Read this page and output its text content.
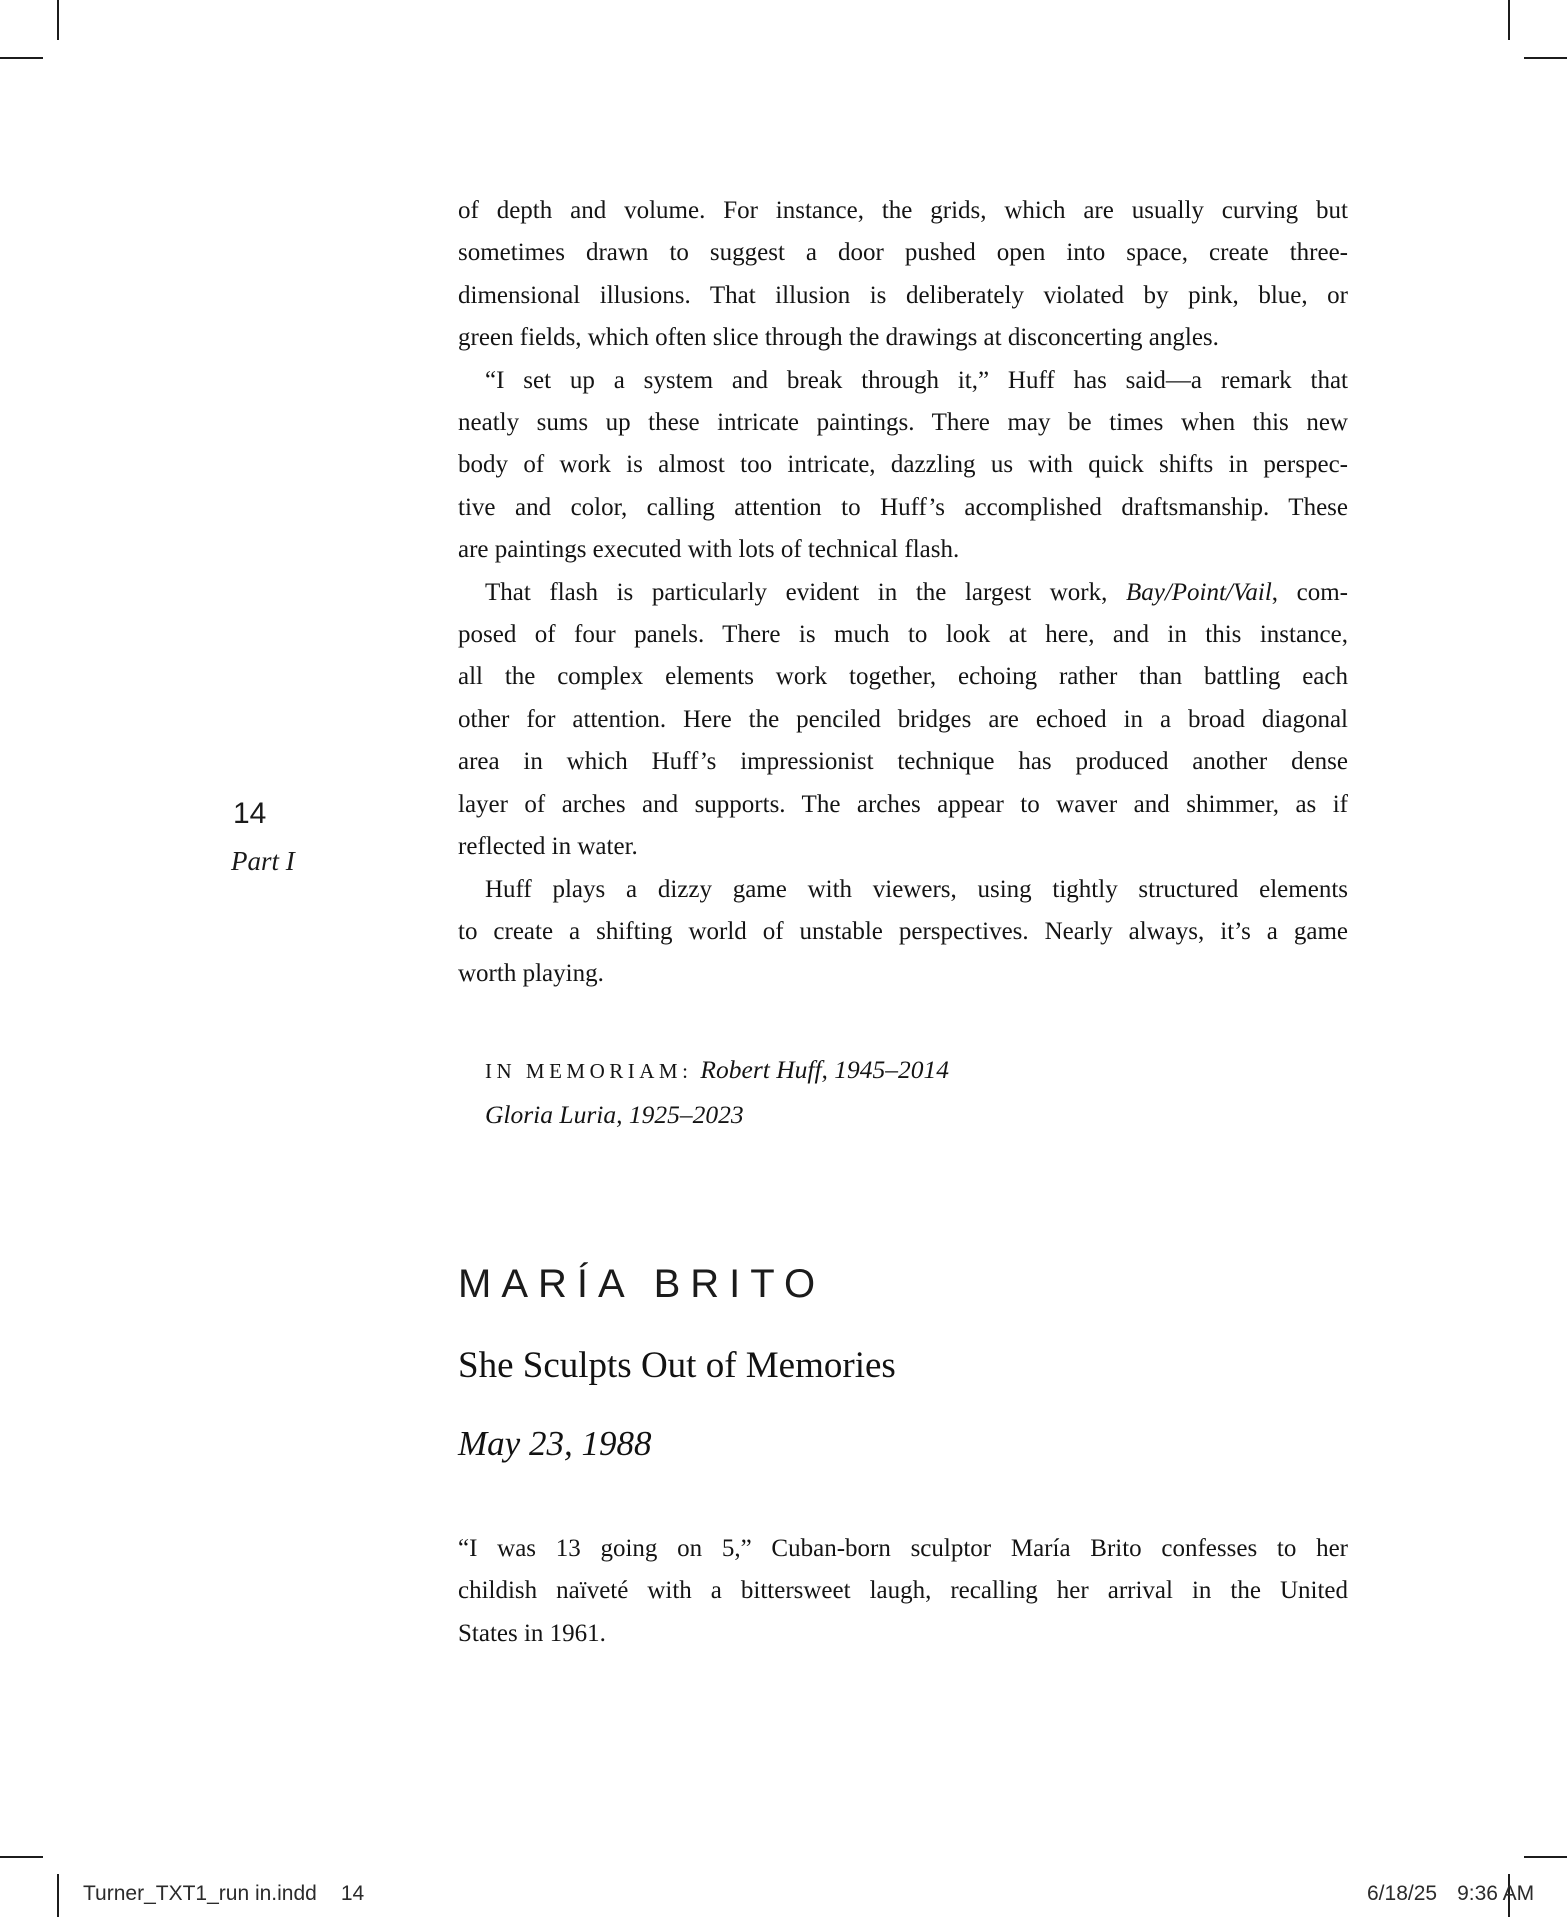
14
Part I
of depth and volume. For instance, the grids, which are usually curving but
sometimes drawn to suggest a door pushed open into space, create three-
dimensional illusions. That illusion is deliberately violated by pink, blue, or
green fields, which often slice through the drawings at disconcerting angles.
“I set up a system and break through it,” Huff has said—a remark that
neatly sums up these intricate paintings. There may be times when this new
body of work is almost too intricate, dazzling us with quick shifts in perspec-
tive and color, calling attention to Huff’s accomplished draftsmanship. These
are paintings executed with lots of technical flash.
That flash is particularly evident in the largest work, Bay/Point/Vail, com-
posed of four panels. There is much to look at here, and in this instance,
all the complex elements work together, echoing rather than battling each
other for attention. Here the penciled bridges are echoed in a broad diagonal
area in which Huff’s impressionist technique has produced another dense
layer of arches and supports. The arches appear to waver and shimmer, as if
reflected in water.
Huff plays a dizzy game with viewers, using tightly structured elements
to create a shifting world of unstable perspectives. Nearly always, it’s a game
worth playing.
IN MEMORIAM: Robert Huff, 1945–2014
Gloria Luria, 1925–2023
MARÍA BRITO
She Sculpts Out of Memories
May 23, 1988
“I was 13 going on 5,” Cuban-born sculptor María Brito confesses to her
childish naïveté with a bittersweet laugh, recalling her arrival in the United
States in 1961.
Turner_TXT1_run in.indd 14	6/18/25 9:36 AM
